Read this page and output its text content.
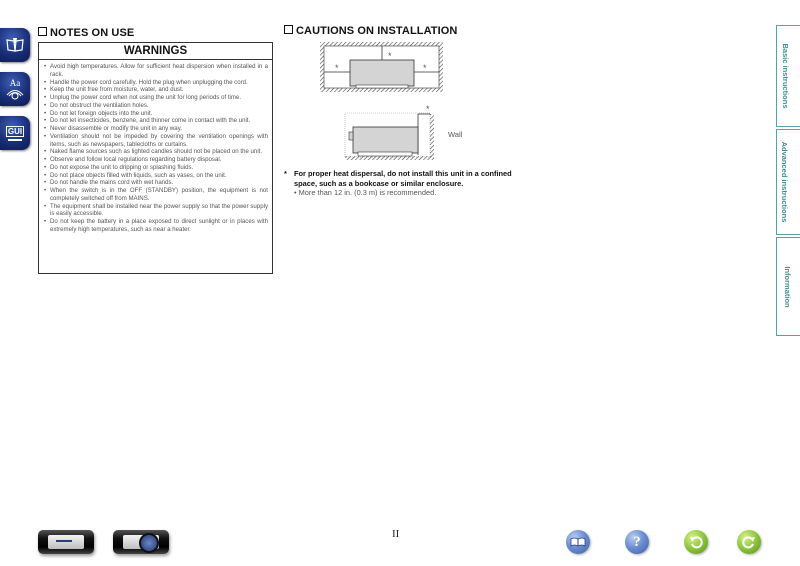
Aa
GUI
NOTES ON USE
WARNINGS
• Avoid high temperatures. Allow for sufficient heat dispersion when installed in a rack.
• Handle the power cord carefully. Hold the plug when unplugging the cord.
• Keep the unit free from moisture, water, and dust.
• Unplug the power cord when not using the unit for long periods of time.
• Do not obstruct the ventilation holes.
• Do not let foreign objects into the unit.
• Do not let insecticides, benzene, and thinner come in contact with the unit.
• Never disassemble or modify the unit in any way.
• Ventilation should not be impeded by covering the ventilation openings with items, such as newspapers, tablecloths or curtains.
• Naked flame sources such as lighted candles should not be placed on the unit.
• Observe and follow local regulations regarding battery disposal.
• Do not expose the unit to dripping or splashing fluids.
• Do not place objects filled with liquids, such as vases, on the unit.
• Do not handle the mains cord with wet hands.
• When the switch is in the OFF (STANDBY) position, the equipment is not completely switched off from MAINS.
• The equipment shall be installed near the power supply so that the power supply is easily accessible.
• Do not keep the battery in a place exposed to direct sunlight or in places with extremely high temperatures, such as near a heater.
CAUTIONS ON INSTALLATION
*
*	*
*
Wall
* For proper heat dispersal, do not install this unit in a confined
space, such as a bookcase or similar enclosure.
• More than 12 in. (0.3 m) is recommended.
Basic instructions
Advanced instructions
Information
II	?
